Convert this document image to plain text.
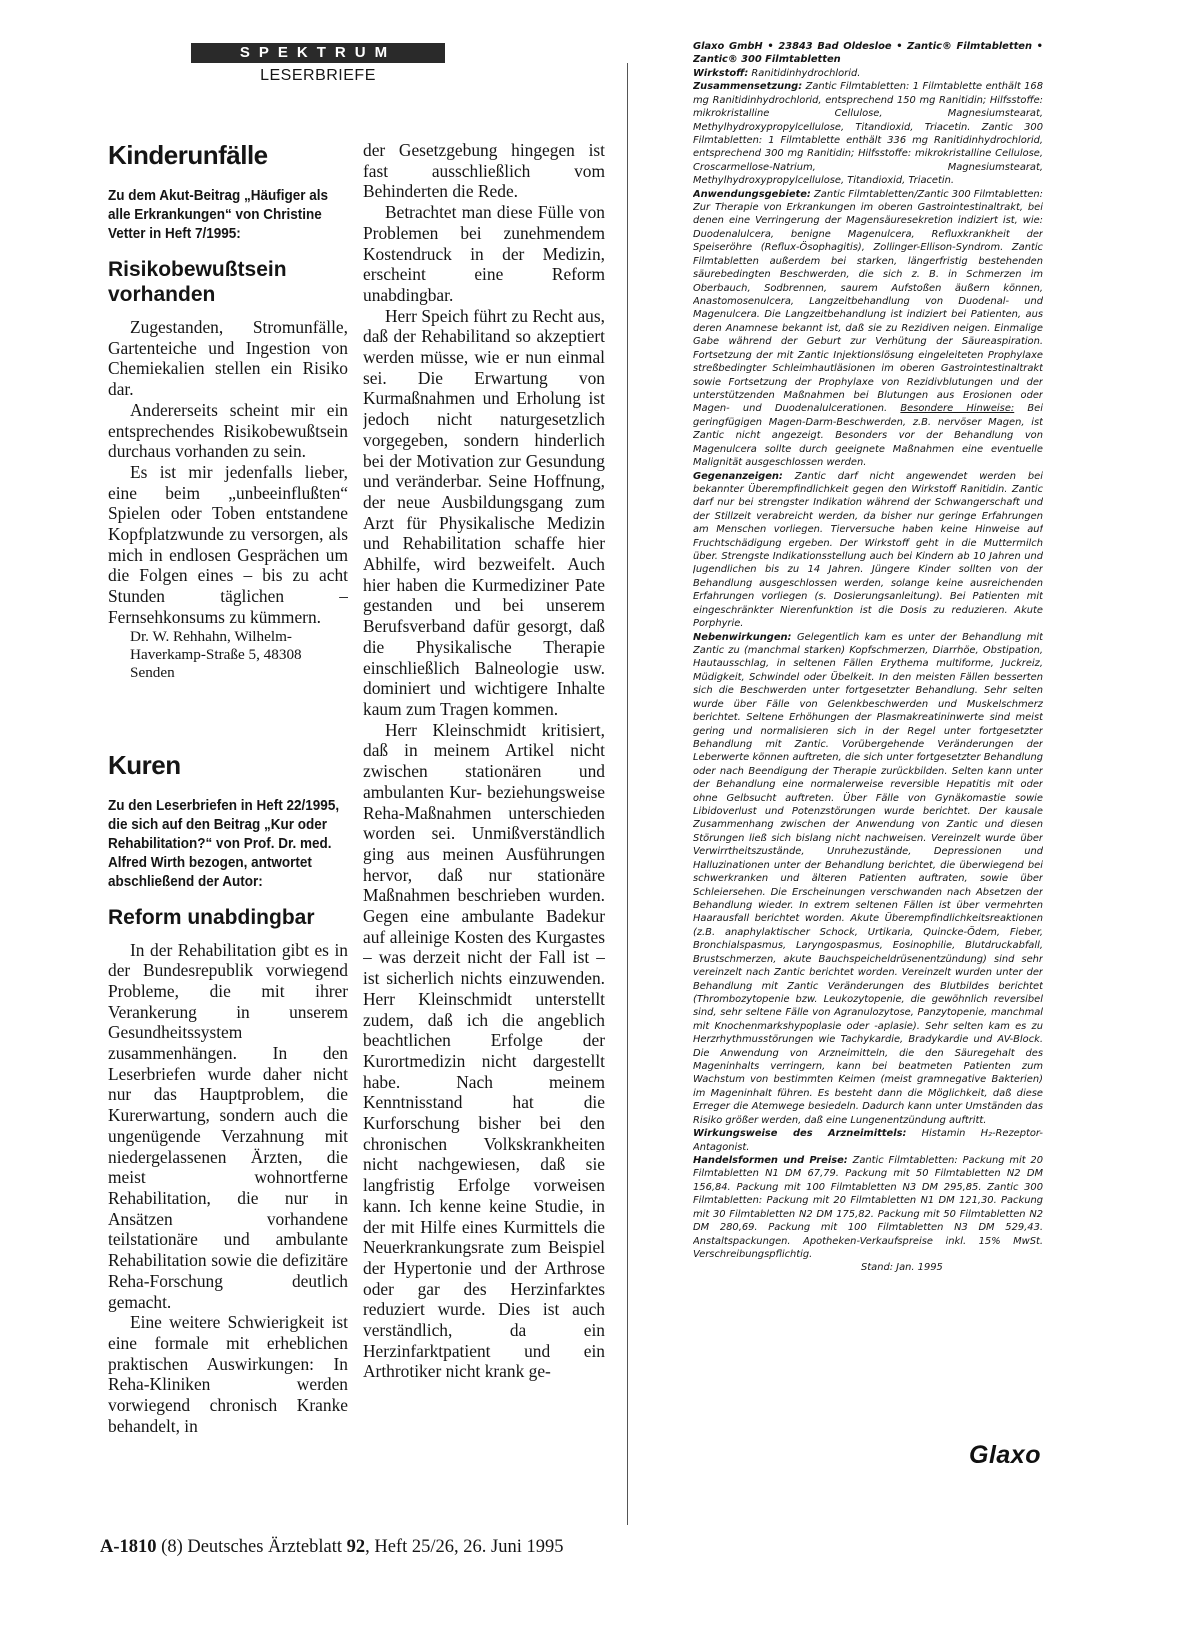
SPEKTRUM
LESERBRIEFE
Kinderunfälle
Zu dem Akut-Beitrag „Häufiger als alle Erkrankungen“ von Christine Vetter in Heft 7/1995:
Risikobewußtsein vorhanden

Zugestanden, Stromunfälle, Gartenteiche und Ingestion von Chemiekalien stellen ein Risiko dar.

Andererseits scheint mir ein entsprechendes Risikobewußtsein durchaus vorhanden zu sein.

Es ist mir jedenfalls lieber, eine beim „unbeeinflußten“ Spielen oder Toben entstandene Kopfplatzwunde zu versorgen, als mich in endlosen Gesprächen um die Folgen eines – bis zu acht Stunden täglichen – Fernsehkonsums zu kümmern.

Dr. W. Rehhahn, Wilhelm-Haverkamp-Straße 5, 48308 Senden

Kuren
Zu den Leserbriefen in Heft 22/1995, die sich auf den Beitrag „Kur oder Rehabilitation?“ von Prof. Dr. med. Alfred Wirth bezogen, antwortet abschließend der Autor:
Reform unabdingbar

In der Rehabilitation gibt es in der Bundesrepublik vorwiegend Probleme, die mit ihrer Verankerung in unserem Gesundheitssystem zusammenhängen. In den Leserbriefen wurde daher nicht nur das Hauptproblem, die Kurerwartung, sondern auch die ungenügende Verzahnung mit niedergelassenen Ärzten, die meist wohnortferne Rehabilitation, die nur in Ansätzen vorhandene teilstationäre und ambulante Rehabilitation sowie die defizitäre Reha-Forschung deutlich gemacht.

Eine weitere Schwierigkeit ist eine formale mit erheblichen praktischen Auswirkungen: In Reha-Kliniken werden vorwiegend chronisch Kranke behandelt, in

der Gesetzgebung hingegen ist fast ausschließlich vom Behinderten die Rede.

Betrachtet man diese Fülle von Problemen bei zunehmendem Kostendruck in der Medizin, erscheint eine Reform unabdingbar.

Herr Speich führt zu Recht aus, daß der Rehabilitand so akzeptiert werden müsse, wie er nun einmal sei. Die Erwartung von Kurmaßnahmen und Erholung ist jedoch nicht naturgesetzlich vorgegeben, sondern hinderlich bei der Motivation zur Gesundung und veränderbar. Seine Hoffnung, der neue Ausbildungsgang zum Arzt für Physikalische Medizin und Rehabilitation schaffe hier Abhilfe, wird bezweifelt. Auch hier haben die Kurmediziner Pate gestanden und bei unserem Berufsverband dafür gesorgt, daß die Physikalische Therapie einschließlich Balneologie usw. dominiert und wichtigere Inhalte kaum zum Tragen kommen.

Herr Kleinschmidt kritisiert, daß in meinem Artikel nicht zwischen stationären und ambulanten Kur- beziehungsweise Reha-Maßnahmen unterschieden worden sei. Unmißverständlich ging aus meinen Ausführungen hervor, daß nur stationäre Maßnahmen beschrieben wurden. Gegen eine ambulante Badekur auf alleinige Kosten des Kurgastes – was derzeit nicht der Fall ist – ist sicherlich nichts einzuwenden. Herr Kleinschmidt unterstellt zudem, daß ich die angeblich beachtlichen Erfolge der Kurortmedizin nicht dargestellt habe. Nach meinem Kenntnisstand hat die Kurforschung bisher bei den chronischen Volkskrankheiten nicht nachgewiesen, daß sie langfristig Erfolge vorweisen kann. Ich kenne keine Studie, in der mit Hilfe eines Kurmittels die Neuerkrankungsrate zum Beispiel der Hypertonie und der Arthrose oder gar des Herzinfarktes reduziert wurde. Dies ist auch verständlich, da ein Herzinfarktpatient und ein Arthrotiker nicht krank ge-

Glaxo GmbH • 23843 Bad Oldesloe • Zantic® Filmtabletten • Zantic® 300 Filmtabletten

Wirkstoff: Ranitidinhydrochlorid.

Zusammensetzung: Zantic Filmtabletten: 1 Filmtablette enthält 168 mg Ranitidinhydrochlorid, entsprechend 150 mg Ranitidin; Hilfsstoffe: mikrokristalline Cellulose, Magnesiumstearat, Methylhydroxypropylcellulose, Titandioxid, Triacetin. Zantic 300 Filmtabletten: 1 Filmtablette enthält 336 mg Ranitidinhydrochlorid, entsprechend 300 mg Ranitidin; Hilfsstoffe: mikrokristalline Cellulose, Croscarmellose-Natrium, Magnesiumstearat, Methylhydroxypropylcellulose, Titandioxid, Triacetin.

Anwendungsgebiete: Zantic Filmtabletten/Zantic 300 Filmtabletten: Zur Therapie von Erkrankungen im oberen Gastrointestinaltrakt, bei denen eine Verringerung der Magensäuresekretion indiziert ist, wie: Duodenalulcera, benigne Magenulcera, Refluxkrankheit der Speiseröhre (Reflux-Ösophagitis), Zollinger-Ellison-Syndrom. Zantic Filmtabletten außerdem bei starken, längerfristig bestehenden säurebedingten Beschwerden, die sich z. B. in Schmerzen im Oberbauch, Sodbrennen, saurem Aufstoßen äußern können, Anastomosenulcera, Langzeitbehandlung von Duodenal- und Magenulcera. Die Langzeitbehandlung ist indiziert bei Patienten, aus deren Anamnese bekannt ist, daß sie zu Rezidiven neigen. Einmalige Gabe während der Geburt zur Verhütung der Säureaspiration. Fortsetzung der mit Zantic Injektionslösung eingeleiteten Prophylaxe streßbedingter Schleimhautläsionen im oberen Gastrointestinaltrakt sowie Fortsetzung der Prophylaxe von Rezidivblutungen und der unterstützenden Maßnahmen bei Blutungen aus Erosionen oder Magen- und Duodenalulcerationen. Besondere Hinweise: Bei geringfügigen Magen-Darm-Beschwerden, z.B. nervöser Magen, ist Zantic nicht angezeigt. Besonders vor der Behandlung von Magenulcera sollte durch geeignete Maßnahmen eine eventuelle Malignität ausgeschlossen werden.

Gegenanzeigen: Zantic darf nicht angewendet werden bei bekannter Überempfindlichkeit gegen den Wirkstoff Ranitidin. Zantic darf nur bei strengster Indikation während der Schwangerschaft und der Stillzeit verabreicht werden, da bisher nur geringe Erfahrungen am Menschen vorliegen. Tierversuche haben keine Hinweise auf Fruchtschädigung ergeben. Der Wirkstoff geht in die Muttermilch über. Strengste Indikationsstellung auch bei Kindern ab 10 Jahren und Jugendlichen bis zu 14 Jahren. Jüngere Kinder sollten von der Behandlung ausgeschlossen werden, solange keine ausreichenden Erfahrungen vorliegen (s. Dosierungsanleitung). Bei Patienten mit eingeschränkter Nierenfunktion ist die Dosis zu reduzieren. Akute Porphyrie.

Nebenwirkungen: Gelegentlich kam es unter der Behandlung mit Zantic zu (manchmal starken) Kopfschmerzen, Diarrhöe, Obstipation, Hautausschlag, in seltenen Fällen Erythema multiforme, Juckreiz, Müdigkeit, Schwindel oder Übelkeit. In den meisten Fällen besserten sich die Beschwerden unter fortgesetzter Behandlung. Sehr selten wurde über Fälle von Gelenkbeschwerden und Muskelschmerz berichtet. Seltene Erhöhungen der Plasmakreatininwerte sind meist gering und normalisieren sich in der Regel unter fortgesetzter Behandlung mit Zantic. Vorübergehende Veränderungen der Leberwerte können auftreten, die sich unter fortgesetzter Behandlung oder nach Beendigung der Therapie zurückbilden. Selten kann unter der Behandlung eine normalerweise reversible Hepatitis mit oder ohne Gelbsucht auftreten. Über Fälle von Gynäkomastie sowie Libidoverlust und Potenzstörungen wurde berichtet. Der kausale Zusammenhang zwischen der Anwendung von Zantic und diesen Störungen ließ sich bislang nicht nachweisen. Vereinzelt wurde über Verwirrtheitszustände, Unruhezustände, Depressionen und Halluzinationen unter der Behandlung berichtet, die überwiegend bei schwerkranken und älteren Patienten auftraten, sowie über Schleiersehen. Die Erscheinungen verschwanden nach Absetzen der Behandlung wieder. In extrem seltenen Fällen ist über vermehrten Haarausfall berichtet worden. Akute Überempfindlichkeitsreaktionen (z.B. anaphylaktischer Schock, Urtikaria, Quincke-Ödem, Fieber, Bronchialspasmus, Laryngospasmus, Eosinophilie, Blutdruckabfall, Brustschmerzen, akute Bauchspeicheldrüsenentzündung) sind sehr vereinzelt nach Zantic berichtet worden. Vereinzelt wurden unter der Behandlung mit Zantic Veränderungen des Blutbildes berichtet (Thrombozytopenie bzw. Leukozytopenie, die gewöhnlich reversibel sind, sehr seltene Fälle von Agranulozytose, Panzytopenie, manchmal mit Knochenmarkshypoplasie oder -aplasie). Sehr selten kam es zu Herzrhythmusstörungen wie Tachykardie, Bradykardie und AV-Block. Die Anwendung von Arzneimitteln, die den Säuregehalt des Mageninhalts verringern, kann bei beatmeten Patienten zum Wachstum von bestimmten Keimen (meist gramnegative Bakterien) im Mageninhalt führen. Es besteht dann die Möglichkeit, daß diese Erreger die Atemwege besiedeln. Dadurch kann unter Umständen das Risiko größer werden, daß eine Lungenentzündung auftritt.

Wirkungsweise des Arzneimittels: Histamin H₂-Rezeptor-Antagonist.

Handelsformen und Preise: Zantic Filmtabletten: Packung mit 20 Filmtabletten N1 DM 67,79. Packung mit 50 Filmtabletten N2 DM 156,84. Packung mit 100 Filmtabletten N3 DM 295,85. Zantic 300 Filmtabletten: Packung mit 20 Filmtabletten N1 DM 121,30. Packung mit 30 Filmtabletten N2 DM 175,82. Packung mit 50 Filmtabletten N2 DM 280,69. Packung mit 100 Filmtabletten N3 DM 529,43. Anstaltspackungen. Apotheken-Verkaufspreise inkl. 15% MwSt. Verschreibungspflichtig.

Stand: Jan. 1995

Glaxo
A-1810 (8) Deutsches Ärzteblatt 92, Heft 25/26, 26. Juni 1995
